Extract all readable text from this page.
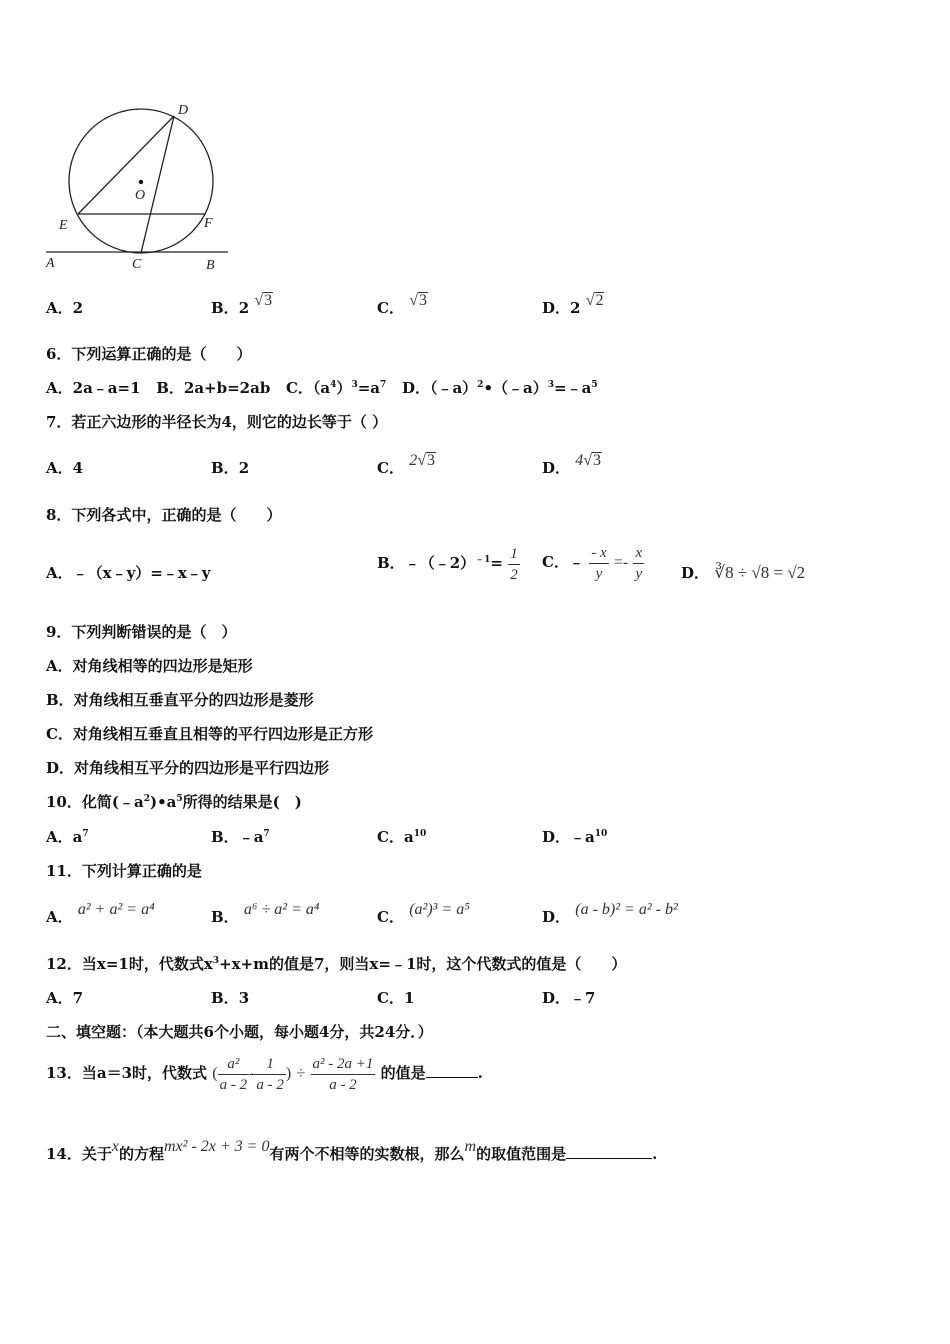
D
O
E	F
A	C	B
A．2	B．2 √3	C． √3	D．2 √2
6．下列运算正确的是（　　）
A．2a﹣a=1 B．2a+b=2ab C．$(a^4)^3=a^7$ D．$(﹣a)^2•(﹣a)^3=﹣a^5$
7．若正六边形的半径长为4，则它的边长等于（ ）
A．4	B．2	C． 2√3	D． 4√3
8．下列各式中，正确的是（　　）
A．﹣（x﹣y）=﹣x﹣y
B．﹣（﹣2）$^{﹣1}$= $\frac{1}{2}$ C．﹣ $\frac{- x}{y} =- \frac{x}{y}$ D． ∛8 ÷ √8 = √2
9．下列判断错误的是（　）
A．对角线相等的四边形是矩形
B．对角线相互垂直平分的四边形是菱形
C．对角线相互垂直且相等的平行四边形是正方形
D．对角线相互平分的四边形是平行四边形
10．化简$(﹣a^2)•a^5$所得的结果是(　)
A．$a^7$	B．$﹣a^7$	C．$a^{10}$	D．$﹣a^{10}$
11．下列计算正确的是
A． a² + a² = a⁴	B． a⁶ ÷ a² = a⁴	C． (a²)³ = a⁵	D． (a - b)² = a² - b²
12．当x=1时，代数式$x^3+x+m$的值是7，则当x=﹣1时，这个代数式的值是（　　）
A．7	B．3	C．1	D．﹣7
二、填空题：（本大题共6个小题，每小题4分，共24分．）
13．当a＝3时，代数式 ( $\frac{\text{a²}}{a - 2} - \frac{1}{a - 2}$ ) ÷ $\frac{\text{a² - 2a +1}}{a - 2}$ 的值是	.
14．关于x的方程mx² - 2x + 3 = 0有两个不相等的实数根，那么m的取值范围是	.
